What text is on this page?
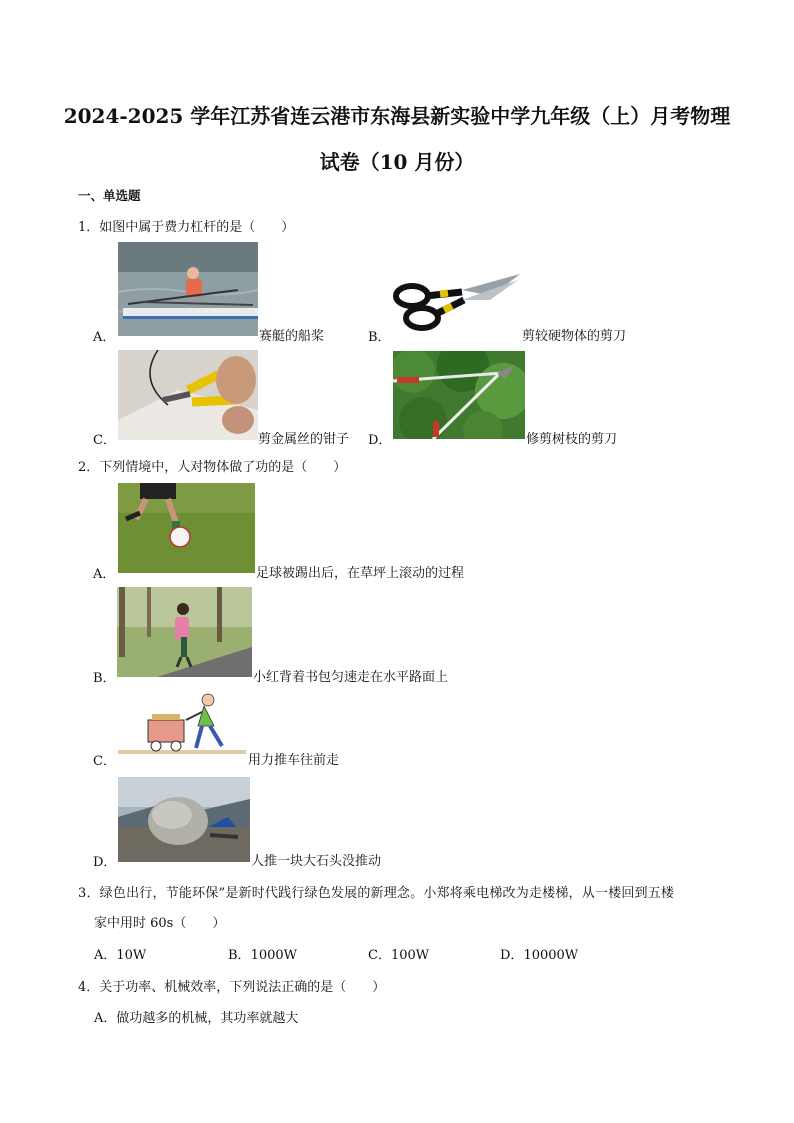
2024-2025 学年江苏省连云港市东海县新实验中学九年级（上）月考物理
试卷（10 月份）
一、单选题
1．如图中属于费力杠杆的是（　　）
A．	赛艇的船桨	B．	剪较硬物体的剪刀
C．	剪金属丝的钳子 D．	修剪树枝的剪刀
2．下列情境中，人对物体做了功的是（　　）
A．	足球被踢出后，在草坪上滚动的过程
B．	小红背着书包匀速走在水平路面上
C．	用力推车往前走
D．	人推一块大石头没推动
3．绿色出行，节能环保”是新时代践行绿色发展的新理念。小郑将乘电梯改为走楼梯，从一楼回到五楼
家中用时 60s（　　）
A．10W	B．1000W	C．100W	D．10000W
4．关于功率、机械效率，下列说法正确的是（　　）
A．做功越多的机械，其功率就越大
